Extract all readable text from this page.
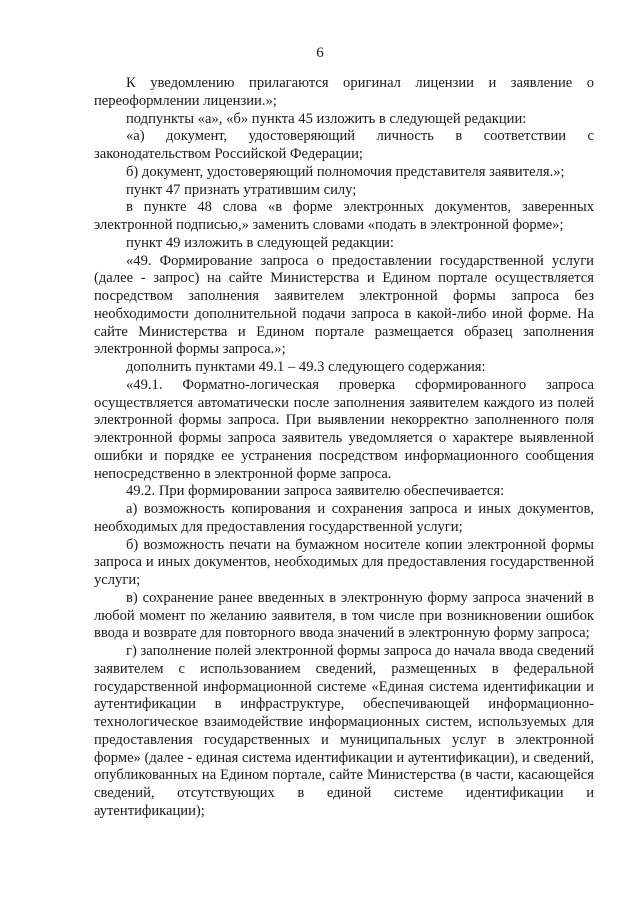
6

К уведомлению прилагаются оригинал лицензии и заявление о переоформлении лицензии.»;

подпункты «а», «б» пункта 45 изложить в следующей редакции:

«а) документ, удостоверяющий личность в соответствии с законодательством Российской Федерации;

б) документ, удостоверяющий полномочия представителя заявителя.»;

пункт 47 признать утратившим силу;

в пункте 48 слова «в форме электронных документов, заверенных электронной подписью,» заменить словами «подать в электронной форме»;

пункт 49 изложить в следующей редакции:

«49. Формирование запроса о предоставлении государственной услуги (далее - запрос) на сайте Министерства и Едином портале осуществляется посредством заполнения заявителем электронной формы запроса без необходимости дополнительной подачи запроса в какой-либо иной форме. На сайте Министерства и Едином портале размещается образец заполнения электронной формы запроса.»;

дополнить пунктами 49.1 – 49.3 следующего содержания:

«49.1. Форматно-логическая проверка сформированного запроса осуществляется автоматически после заполнения заявителем каждого из полей электронной формы запроса. При выявлении некорректно заполненного поля электронной формы запроса заявитель уведомляется о характере выявленной ошибки и порядке ее устранения посредством информационного сообщения непосредственно в электронной форме запроса.

49.2. При формировании запроса заявителю обеспечивается:

а) возможность копирования и сохранения запроса и иных документов, необходимых для предоставления государственной услуги;

б) возможность печати на бумажном носителе копии электронной формы запроса и иных документов, необходимых для предоставления государственной услуги;

в) сохранение ранее введенных в электронную форму запроса значений в любой момент по желанию заявителя, в том числе при возникновении ошибок ввода и возврате для повторного ввода значений в электронную форму запроса;

г) заполнение полей электронной формы запроса до начала ввода сведений заявителем с использованием сведений, размещенных в федеральной государственной информационной системе «Единая система идентификации и аутентификации в инфраструктуре, обеспечивающей информационно-технологическое взаимодействие информационных систем, используемых для предоставления государственных и муниципальных услуг в электронной форме» (далее - единая система идентификации и аутентификации), и сведений, опубликованных на Едином портале, сайте Министерства (в части, касающейся сведений, отсутствующих в единой системе идентификации и аутентификации);
